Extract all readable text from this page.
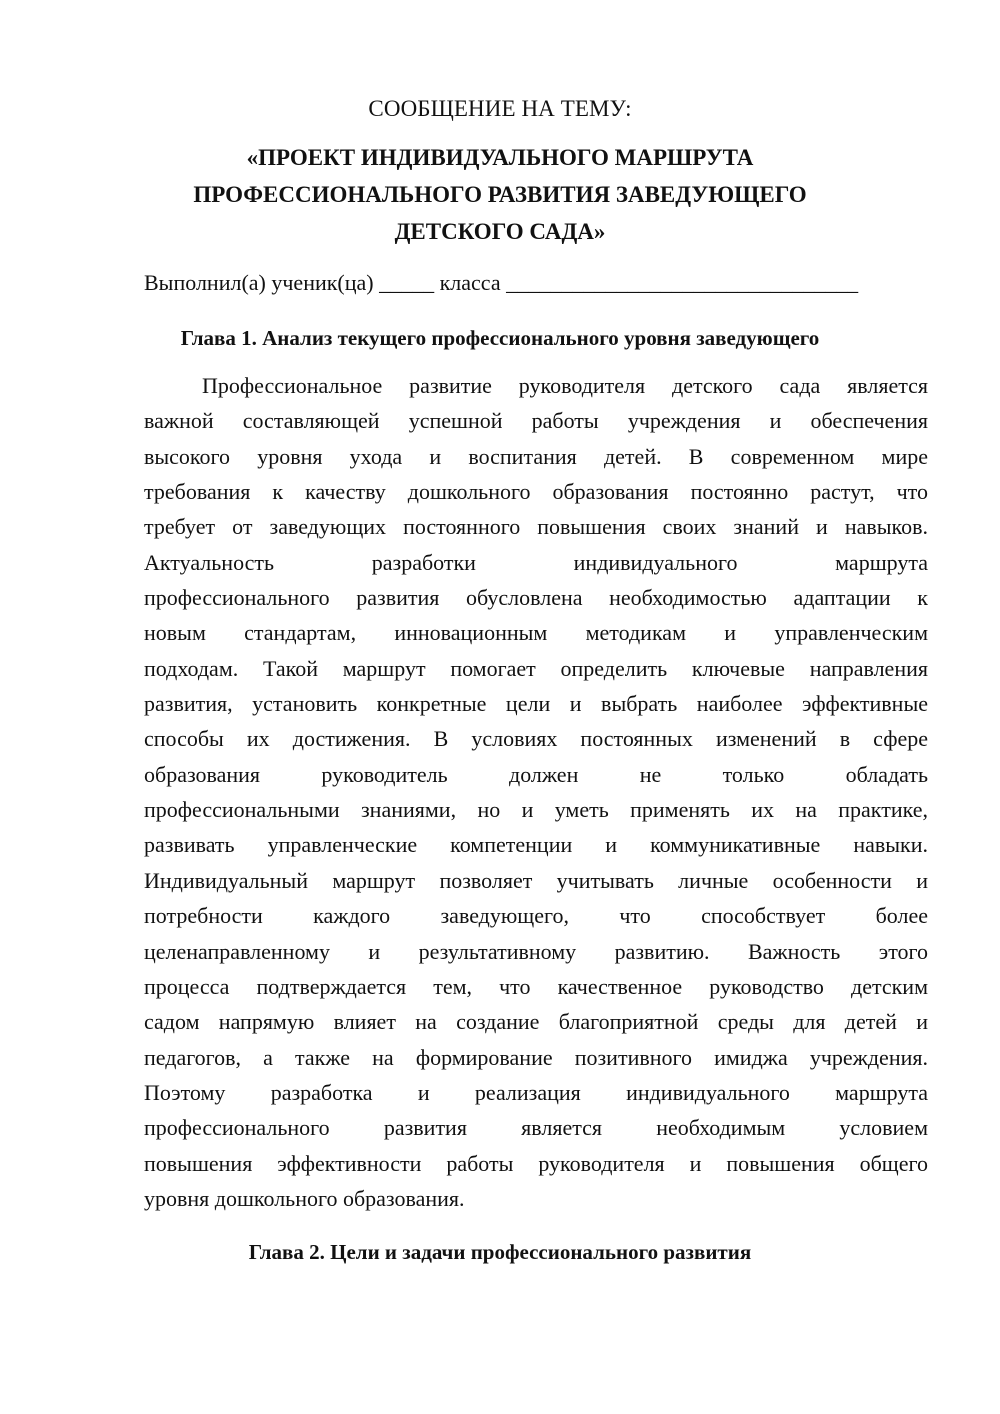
СООБЩЕНИЕ НА ТЕМУ:
«ПРОЕКТ ИНДИВИДУАЛЬНОГО МАРШРУТА
ПРОФЕССИОНАЛЬНОГО РАЗВИТИЯ ЗАВЕДУЮЩЕГО
ДЕТСКОГО САДА»
Выполнил(а) ученик(ца) _____ класса ________________________________
Глава 1. Анализ текущего профессионального уровня заведующего
Профессиональное развитие руководителя детского сада является
важной составляющей успешной работы учреждения и обеспечения
высокого уровня ухода и воспитания детей. В современном мире
требования к качеству дошкольного образования постоянно растут, что
требует от заведующих постоянного повышения своих знаний и навыков.
Актуальность разработки индивидуального маршрута
профессионального развития обусловлена необходимостью адаптации к
новым стандартам, инновационным методикам и управленческим
подходам. Такой маршрут помогает определить ключевые направления
развития, установить конкретные цели и выбрать наиболее эффективные
способы их достижения. В условиях постоянных изменений в сфере
образования руководитель должен не только обладать
профессиональными знаниями, но и уметь применять их на практике,
развивать управленческие компетенции и коммуникативные навыки.
Индивидуальный маршрут позволяет учитывать личные особенности и
потребности каждого заведующего, что способствует более
целенаправленному и результативному развитию. Важность этого
процесса подтверждается тем, что качественное руководство детским
садом напрямую влияет на создание благоприятной среды для детей и
педагогов, а также на формирование позитивного имиджа учреждения.
Поэтому разработка и реализация индивидуального маршрута
профессионального развития является необходимым условием
повышения эффективности работы руководителя и повышения общего
уровня дошкольного образования.
Глава 2. Цели и задачи профессионального развития
